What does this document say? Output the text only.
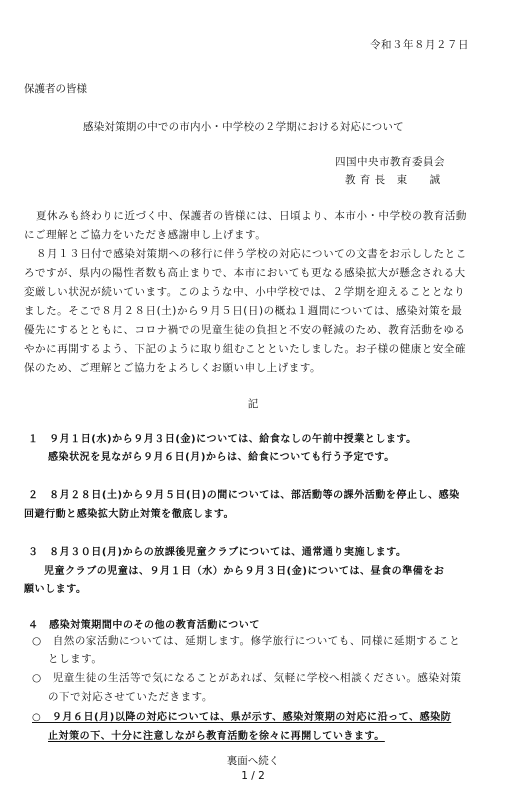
令和３年８月２７日
保護者の皆様
感染対策期の中での市内小・中学校の２学期における対応について
四国中央市教育委員会
教 育 長　東　　誠
夏休みも終わりに近づく中、保護者の皆様には、日頃より、本市小・中学校の教育活動
にご理解とご協力をいただき感謝申し上げます。
８月１３日付で感染対策期への移行に伴う学校の対応についての文書をお示ししたとこ
ろですが、県内の陽性者数も高止まりで、本市においても更なる感染拡大が懸念される大
変厳しい状況が続いています。このような中、小中学校では、２学期を迎えることとなり
ました。そこで８月２８日(土)から９月５日(日)の概ね１週間については、感染対策を最
優先にするとともに、コロナ禍での児童生徒の負担と不安の軽減のため、教育活動をゆる
やかに再開するよう、下記のように取り組むことといたしました。お子様の健康と安全確
保のため、ご理解とご協力をよろしくお願い申し上げます。
記
１　９月１日(水)から９月３日(金)については、給食なしの午前中授業とします。
感染状況を見ながら９月６日(月)からは、給食についても行う予定です。
２　８月２８日(土)から９月５日(日)の間については、部活動等の課外活動を停止し、感染
回避行動と感染拡大防止対策を徹底します。
３　８月３０日(月)からの放課後児童クラブについては、通常通り実施します。
児童クラブの児童は、９月１日（水）から９月３日(金)については、昼食の準備をお
願いします。
４　感染対策期間中のその他の教育活動について
○　自然の家活動については、延期します。修学旅行についても、同様に延期すること
とします。
○　児童生徒の生活等で気になることがあれば、気軽に学校へ相談ください。感染対策
の下で対応させていただきます。
○　９月６日(月)以降の対応については、県が示す、感染対策期の対応に沿って、感染防
止対策の下、十分に注意しながら教育活動を徐々に再開していきます。
裏面へ続く
1 / 2
